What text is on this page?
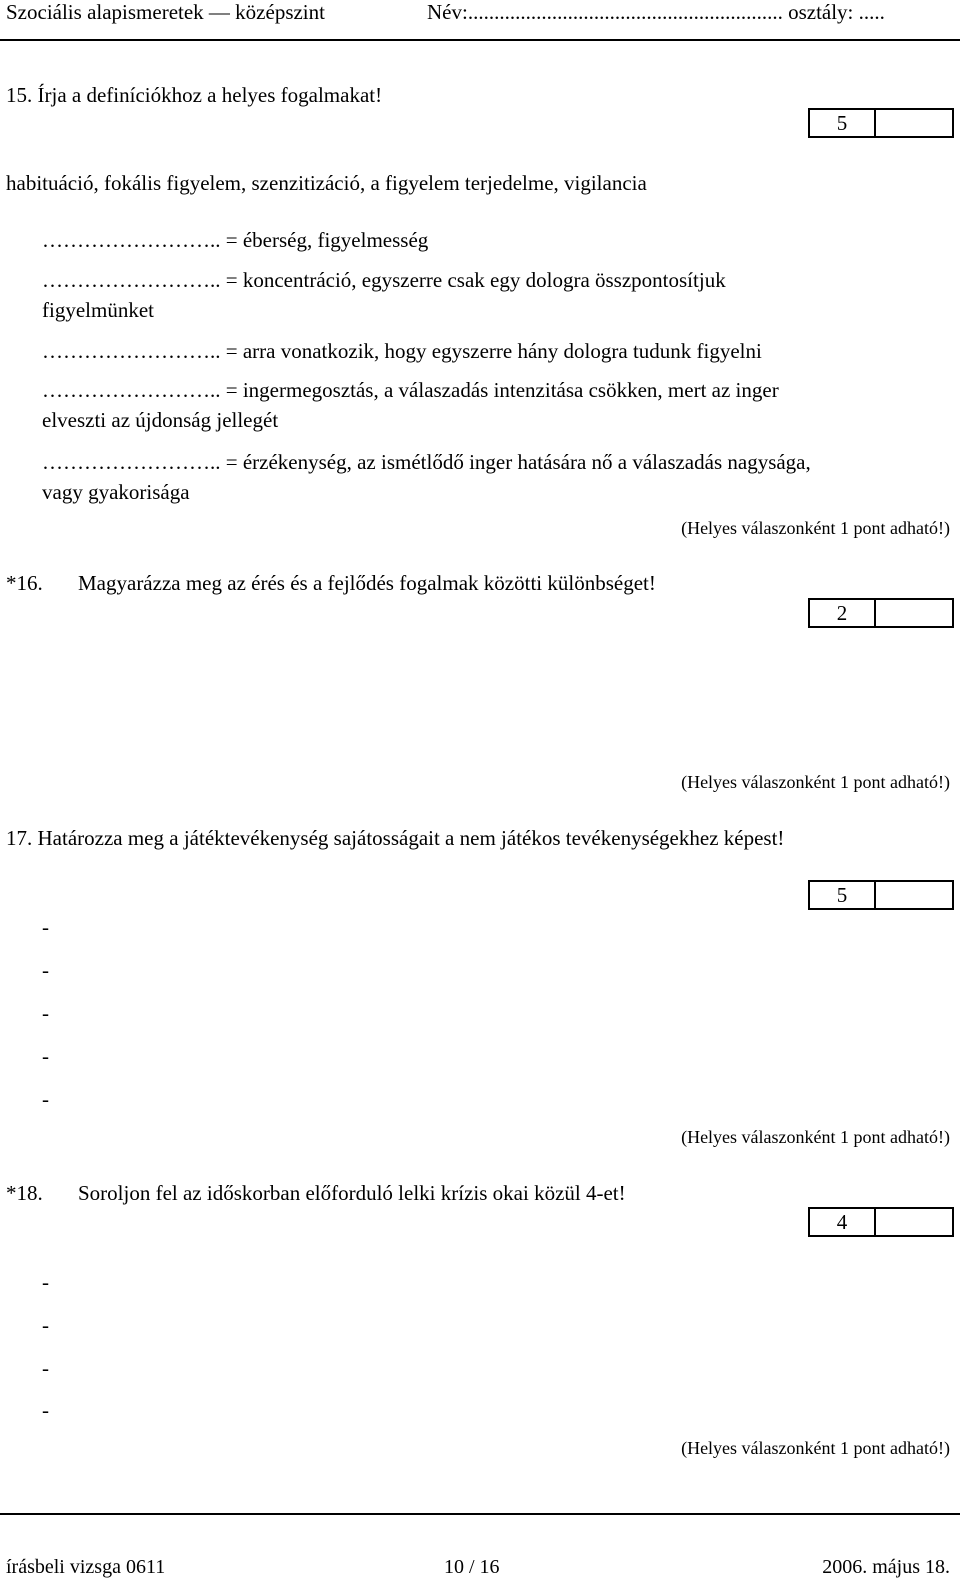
Szociális alapismeretek — középszint	Név:............................................................ osztály: .....
15. Írja a definíciókhoz a helyes fogalmakat!
5
habituáció, fokális figyelem, szenzitizáció, a figyelem terjedelme, vigilancia
…………………….. = éberség, figyelmesség
…………………….. = koncentráció, egyszerre csak egy dologra összpontosítjuk
figyelmünket
…………………….. = arra vonatkozik, hogy egyszerre hány dologra tudunk figyelni
…………………….. = ingermegosztás, a válaszadás intenzitása csökken, mert az inger
elveszti az újdonság jellegét
…………………….. = érzékenység, az ismétlődő inger hatására nő a válaszadás nagysága,
vagy gyakorisága
(Helyes válaszonként 1 pont adható!)
*16. Magyarázza meg az érés és a fejlődés fogalmak közötti különbséget!
2
(Helyes válaszonként 1 pont adható!)
17. Határozza meg a játéktevékenység sajátosságait a nem játékos tevékenységekhez képest!
5
-
-
-
-
-
(Helyes válaszonként 1 pont adható!)
*18. Soroljon fel az időskorban előforduló lelki krízis okai közül 4-et!
4
-
-
-
-
(Helyes válaszonként 1 pont adható!)
írásbeli vizsga 0611	10 / 16	2006. május 18.
